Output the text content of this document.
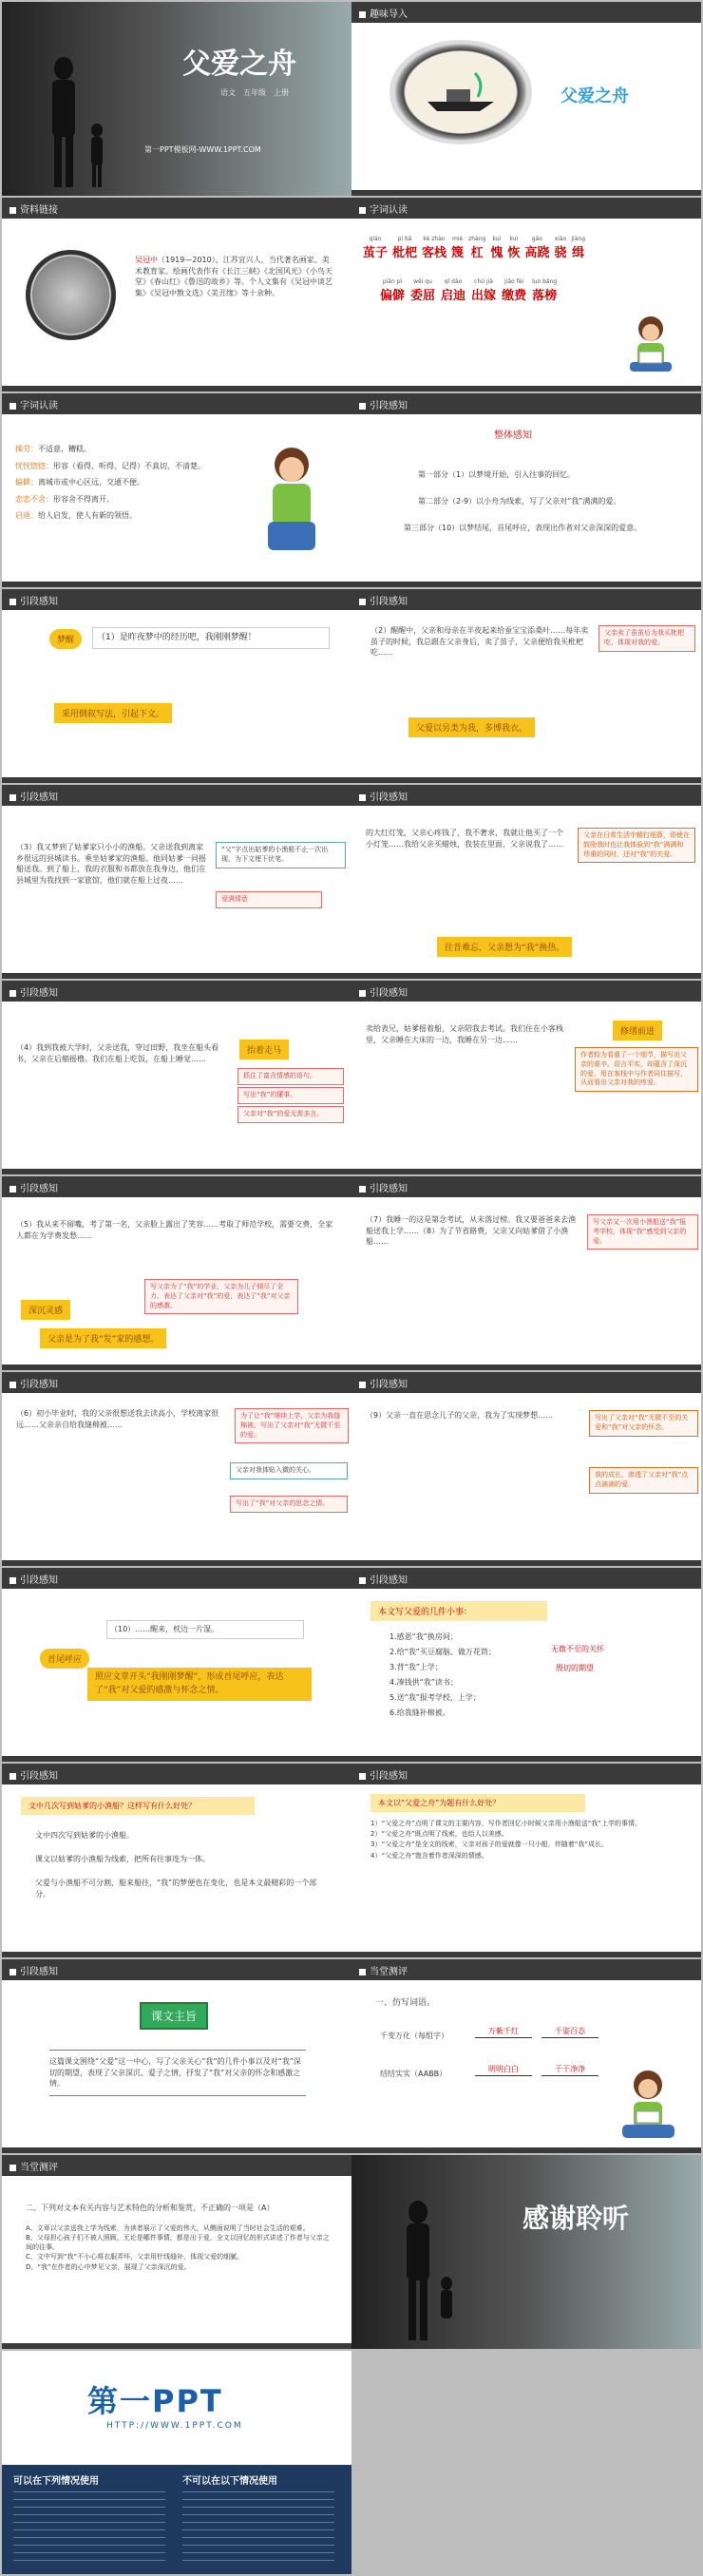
父爱之舟
语文　五年级　上册
第一PPT模板网-WWW.1PPT.COM
趣味导入
父爱之舟
资料链接
吴冠中（1919—2010），江苏宜兴人，当代著名画家、美术教育家。绘画代表作有《长江三峡》《北国风光》《小鸟天堂》《春山红》《鲁迅的故乡》等。个人文集有《吴冠中谈艺集》《吴冠中散文选》《美丑缘》等十余种。
字词认读
qián
茧子
pí bǎ
枇杷
kè zhàn
客栈
miè
篾
zhàng
杠
kuì
愧
kuì
恢
gāo
高跷
xiāo
骁
jiàng
缉
piān pì
偏僻
wěi qu
委屈
qǐ dào
启迪
chū jià
出嫁
jiǎo fèi
缴费
luò bǎng
落榜
字词认读
操劳：不适意，糟糕。
恍恍惚惚：形容（看得、听得、记得）不真切、不清楚。
偏僻：离城市或中心区远，交通不便。
恋恋不舍：形容舍不得离开。
启迪：给人启发，使人有新的领悟。
引段感知
整体感知
第一部分（1）以梦境开始，引入往事的回忆。
第二部分（2-9）以小舟为线索，写了父亲对“我”满满的爱。
第三部分（10）以梦结尾，首尾呼应，表现出作者对父亲深深的爱意。
引段感知
梦醒	（1）是昨夜梦中的经历吧，我刚刚梦醒！
采用倒叙写法，引起下文。
引段感知
（2）醒醒中，父亲和母亲在半夜起来给蚕宝宝添桑叶……每年卖茧子的时候，我总跟在父亲身后，卖了茧子，父亲便给我买枇杷吃……
父亲卖了蚕茧后为我买枇杷吃，体现对我的爱。
父爱以另类为我，多博我衣。
引段感知
（3）我又梦到了姑爹家只小小的渔船。父亲送我到离家乡很远的县城读书。乘坐姑爹家的渔船。他同姑爹一同摇船送我。到了船上，我的衣服和书都放在我身边，他们在县城里为我找到一家旅馆，他们就在船上过夜……
“父”字点出姑爹的小渔船不止一次出现，为下文埋下伏笔。
爱满情意
引段感知
的大红灯笼，父亲心疼钱了，我不奢求，我就让他买了一个小灯笼……我给父亲买蜡烛，我装在里面，父亲说我了……
父亲在日常生活中精打细算，即使在鼓励我时也让我体验到“我”满满和珍重的同时，还对“我”的关爱。
往昔难忘，父亲想为“我”换热。
引段感知
（4）我到我被大学时，父亲送我，穿过田野，我坐在船头看书，父亲在后艄摇橹。我们在船上吃饭，在船上睡觉……
抬着走马
抓住了富含情感的语句。
写出“我”的懂事。
父亲对“我”的爱无需多言。
引段感知
卖给表兄，姑爹摇着船，父亲陪我去考试。我们住在小客栈里，父亲睡在大床的一边，我睡在另一边……
修缮前进
作者较为看重了一个细节，描写出父亲的艰辛。语言平实，却蕴含了深沉的爱，用在客栈中与作者同住描写，从而看出父亲对我的疼爱。
引段感知
（5）我从来不留嘴，考了第一名，父亲脸上露出了笑容……考取了师范学校，需要交费，全家人都在为学费发愁……
深沉灵感
写父亲为了“我”的学业，父亲为儿子倾尽了全力，表达了父亲对“我”的爱，表达了“我”对父亲的感激。
父亲是为了我“发”家的感想。
引段感知
（7）我睡一的这是第念考试，从未落过榜。我又要爸爸来去渔船送我上学……（8）为了节省路费，父亲又向姑爹借了小渔船……
写父亲又一次用小渔船送“我”报考学校，体现“我”感受到父亲的爱。
引段感知
（6）初小毕业时，我的父亲很想送我去读高小，学校离家很远……父亲亲自给我缝棉被……
为了让“我”继续上学，父亲为我缝棉被，写出了父亲对“我”无微不至的爱。
父亲对我体贴入微的关心。
写出了“我”对父亲的思念之情。
引段感知
（9）父亲一直在思念儿子的父亲，我为了实现梦想……	写出了父亲对“我”无微不至的关爱和“我”对父亲的怀念。
我的成长，渗透了父亲对“我”点点滴滴的爱。
引段感知
（10）……醒来，枕边一片湿。
首尾呼应
照应文章开头“我刚刚梦醒”，形成首尾呼应，表达了“我”对父爱的感激与怀念之情。
引段感知
本文写父爱的几件小事：
1.感恩“我”换房间；
2.给“我”买豆腐脑、做万花筒；
3.背“我”上学；
4.凑钱供“我”读书；
5.送“我”报考学校，上学；
6.给我缝补棉被。
无微不至的关怀
殷切的期望
引段感知
文中几次写到姑爹的小渔船？这样写有什么好处？
文中四次写到姑爹的小渔船。
课文以姑爹的小渔船为线索，把所有往事连为一体。
父爱与小渔船不可分割，船来船往，“我”的梦便也在变化，也是本文最精彩的一个部分。
引段感知
本文以“父爱之舟”为题有什么好处？
1）“父爱之舟”点明了课文的主要内容，写作者回忆小时候父亲用小渔船送“我”上学的事情。
2）“父爱之舟”既点明了线索，也给人以美感。
3）“父爱之舟”是全文的线索，父亲对孩子的爱就像一只小船，伴随着“我”成长。
4）“父爱之舟”饱含着作者深深的情感。
引段感知
课文主旨
这篇课文围绕“父爱”这一中心，写了父亲关心“我”的几件小事以及对“我”深切的期望，表现了父亲深沉、爱子之情，抒发了“我”对父亲的怀念和感激之情。
当堂测评
一、仿写词语。
千变万化（每组字）
万紫千红	千姿百态
结结实实（AABB）
明明白白	干干净净
当堂测评
二、下列对文本有关内容与艺术特色的分析和鉴赏，不正确的一项是（A）
A、文章以父亲送我上学为线索，为读者展示了父爱的伟大，从侧面说明了当时社会生活的艰难。
B、父母担心孩子们不被人照顾，无论是哪件事情，都是出于爱，全文以回忆的形式讲述了作者与父亲之间的往事。
C、文中写到“我”不小心将衣服弄坏，父亲用针线缝补，体现父爱的细腻。
D、“我”在作者的心中梦见父亲，展现了父亲深沉的爱。
感谢聆听
第一PPT
HTTP://WWW.1PPT.COM
可以在下列情况使用	不可以在以下情况使用
